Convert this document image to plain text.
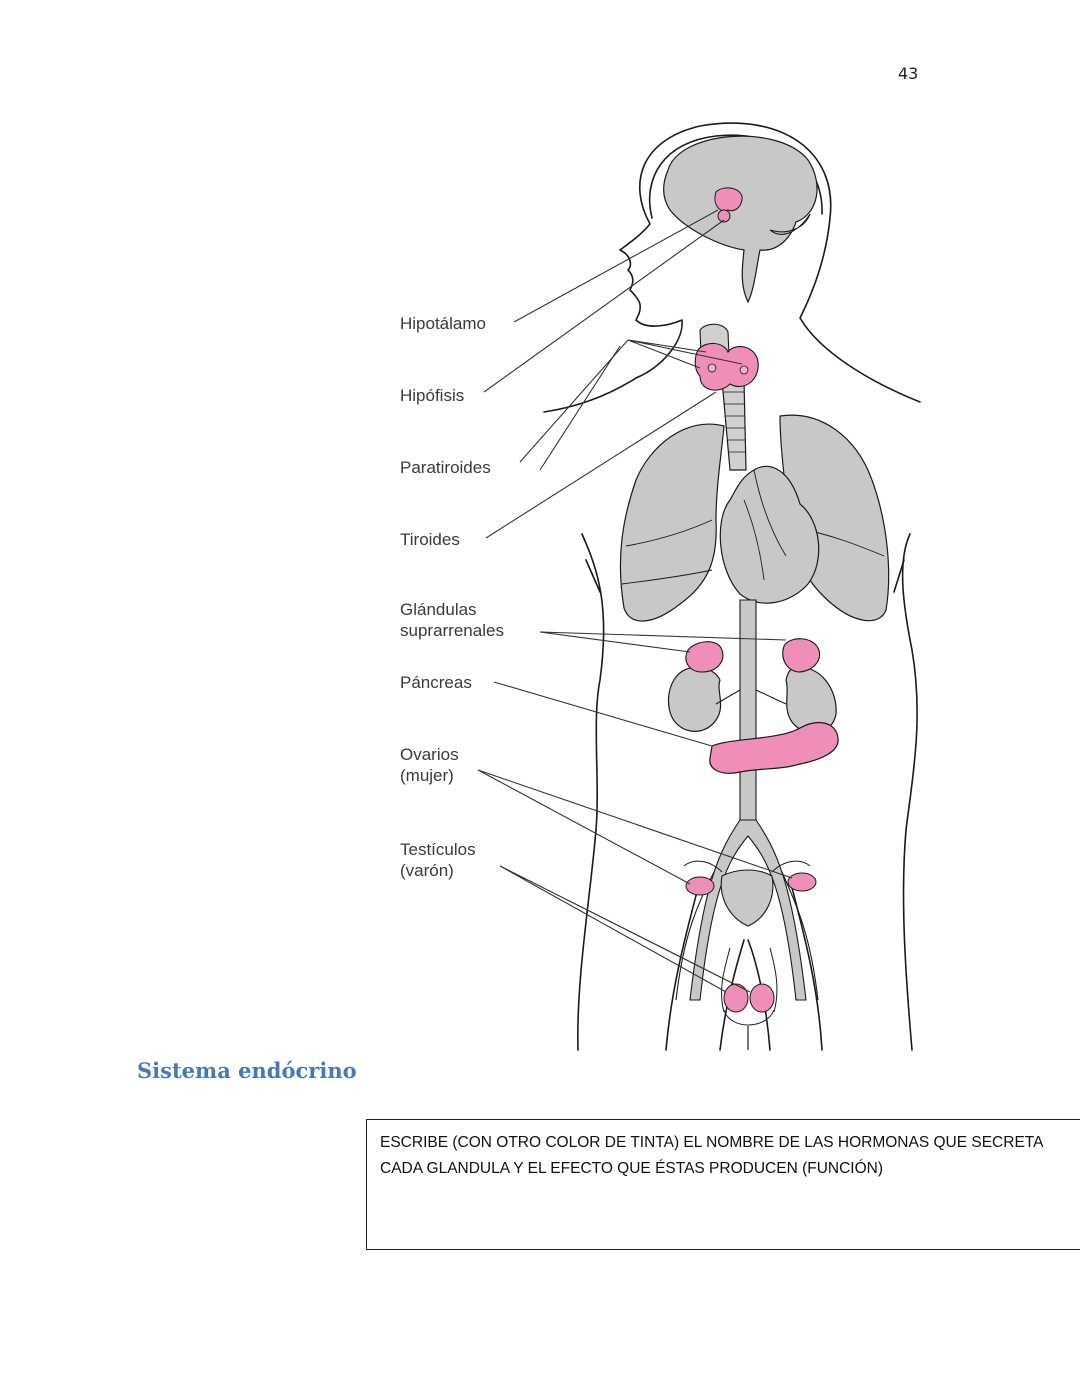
43
Hipotálamo
Hipófisis
Paratiroides
Tiroides
Glándulas
suprarrenales
Páncreas
Ovarios
(mujer)
Testículos
(varón)
Sistema endócrino
ESCRIBE (CON OTRO COLOR DE TINTA) EL NOMBRE DE LAS HORMONAS QUE SECRETA
CADA GLANDULA Y EL EFECTO QUE ÉSTAS PRODUCEN (FUNCIÓN)
